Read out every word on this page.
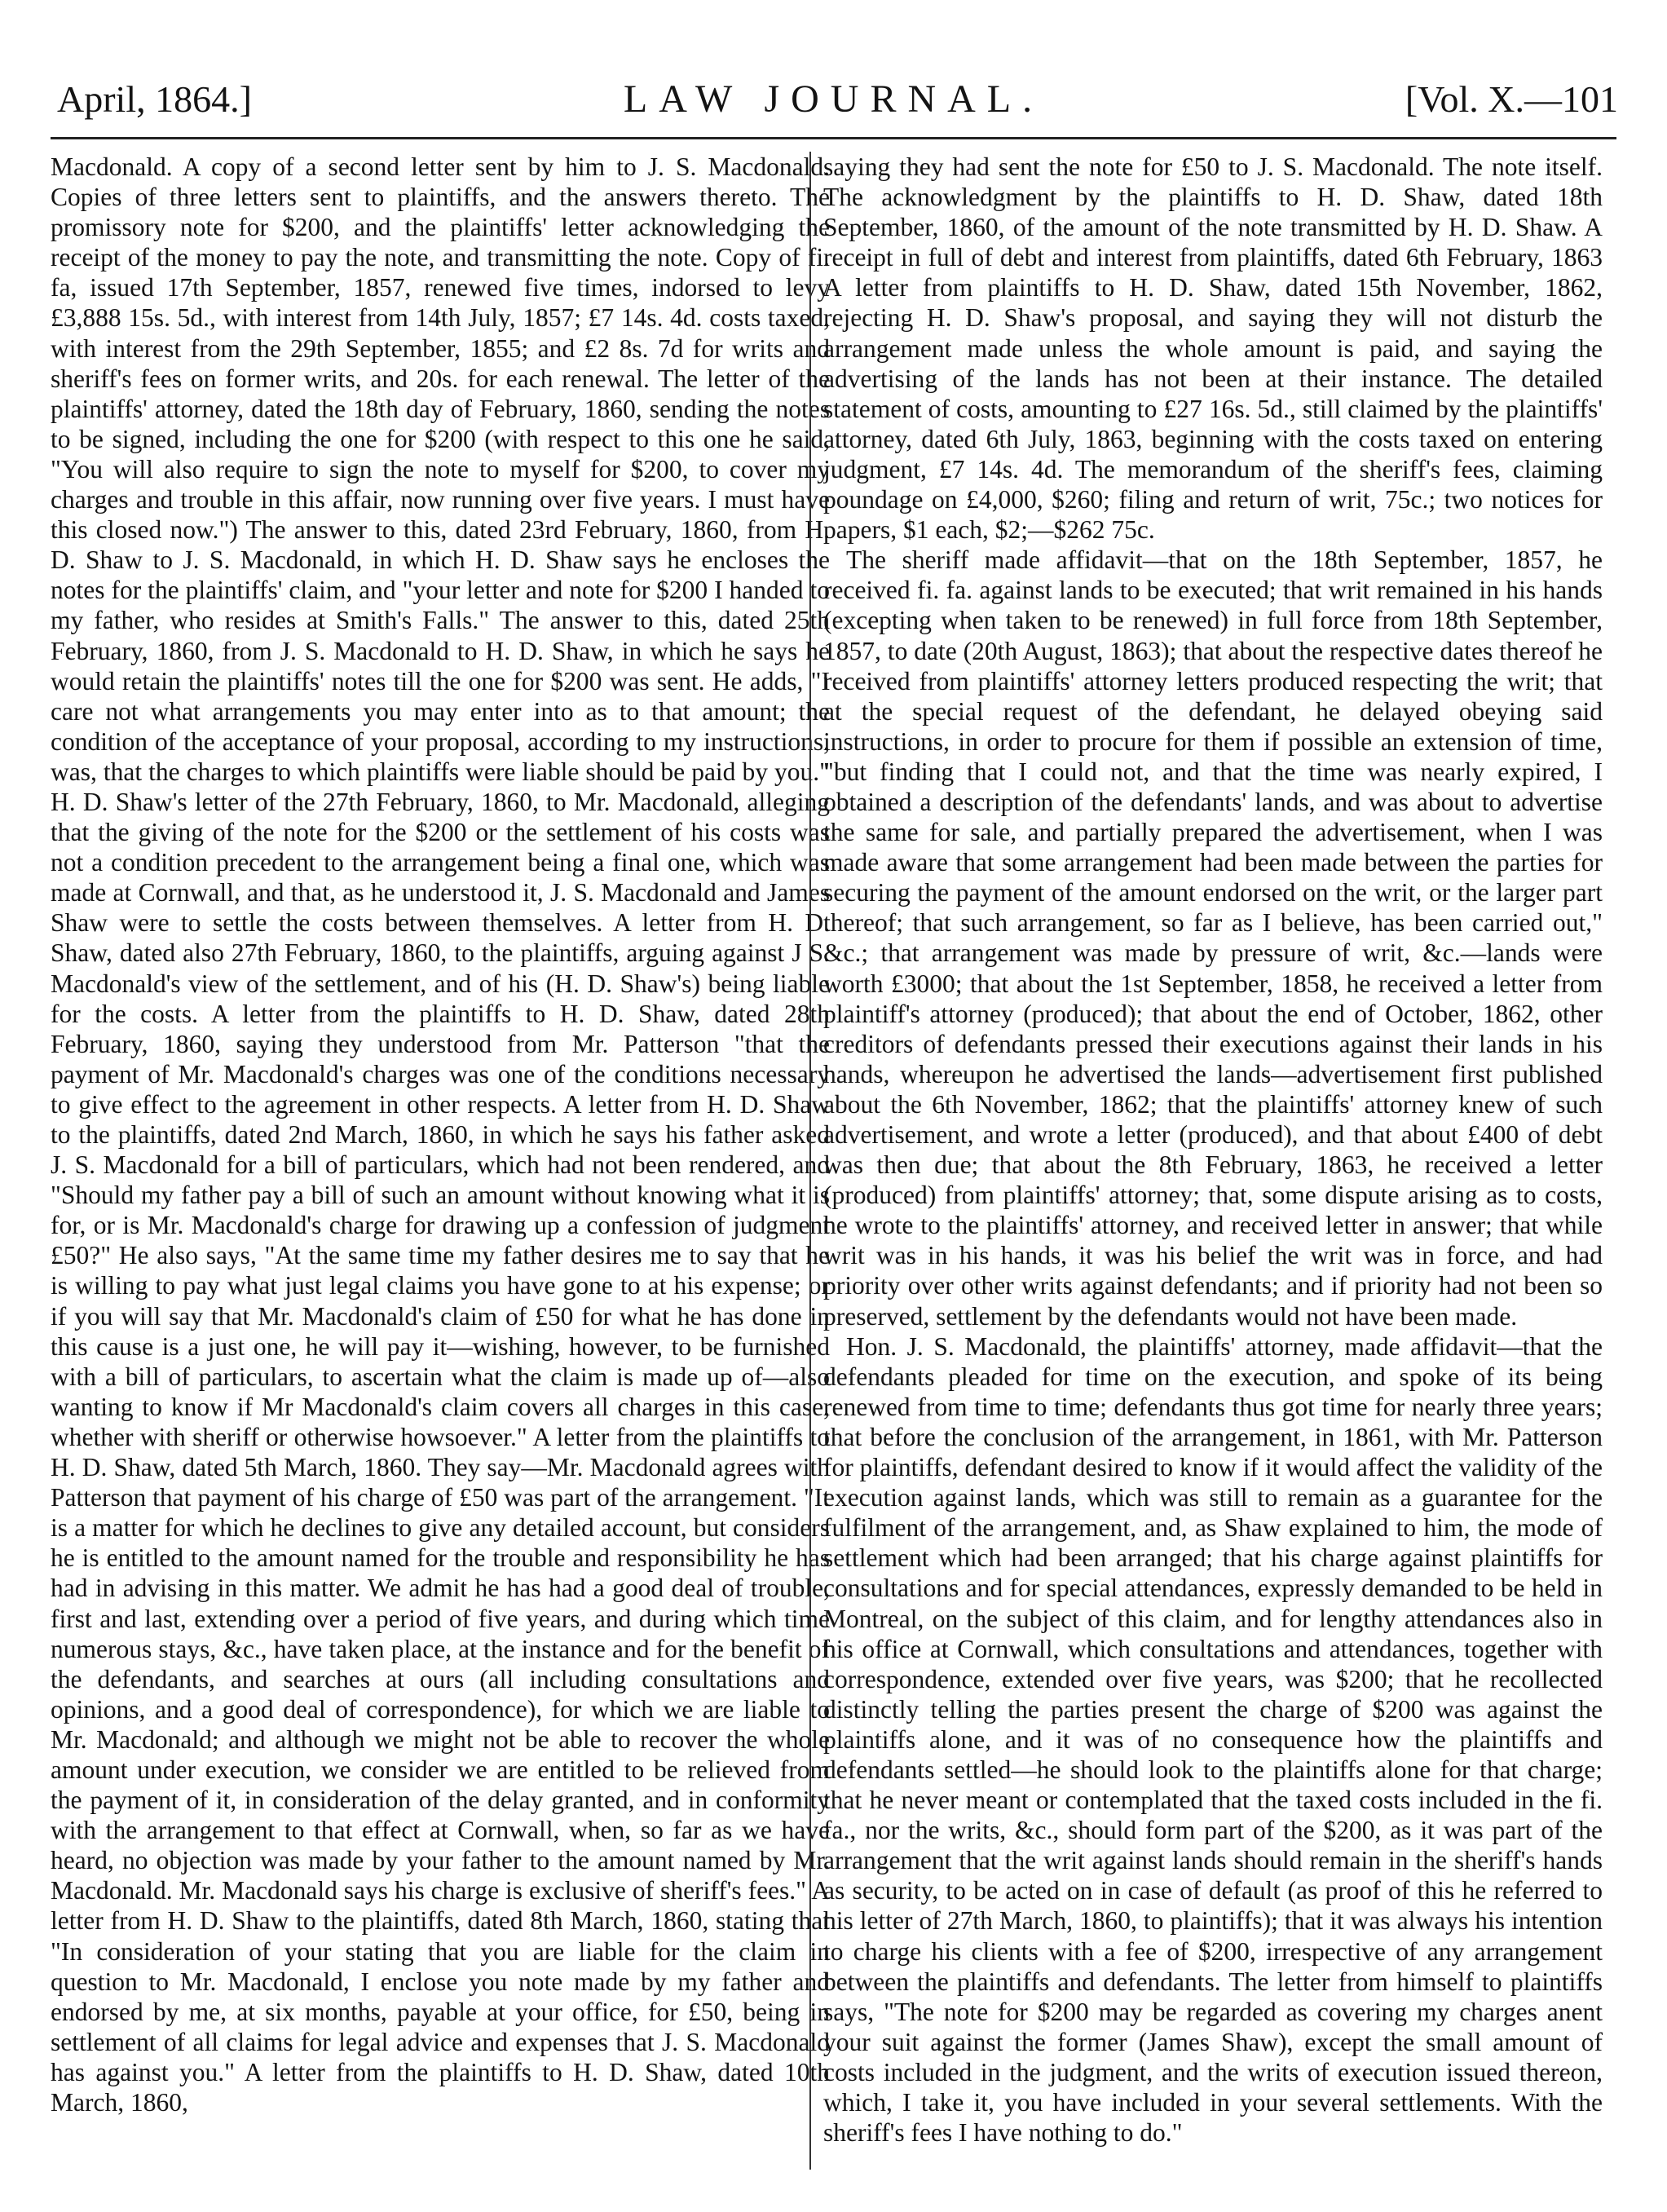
April, 1864.]	LAW JOURNAL.	[Vol. X.—101

Macdonald. A copy of a second letter sent by him to J. S. Macdonald. Copies of three letters sent to plaintiffs, and the answers thereto. The promissory note for $200, and the plaintiffs' letter acknowledging the receipt of the money to pay the note, and transmitting the note. Copy of fi. fa, issued 17th September, 1857, renewed five times, indorsed to levy £3,888 15s. 5d., with interest from 14th July, 1857; £7 14s. 4d. costs taxed, with interest from the 29th September, 1855; and £2 8s. 7d for writs and sheriff's fees on former writs, and 20s. for each renewal. The letter of the plaintiffs' attorney, dated the 18th day of February, 1860, sending the notes to be signed, including the one for $200 (with respect to this one he said, "You will also require to sign the note to myself for $200, to cover my charges and trouble in this affair, now running over five years. I must have this closed now.") The answer to this, dated 23rd February, 1860, from H. D. Shaw to J. S. Macdonald, in which H. D. Shaw says he encloses the notes for the plaintiffs' claim, and "your letter and note for $200 I handed to my father, who resides at Smith's Falls." The answer to this, dated 25th February, 1860, from J. S. Macdonald to H. D. Shaw, in which he says he would retain the plaintiffs' notes till the one for $200 was sent. He adds, "I care not what arrangements you may enter into as to that amount; the condition of the acceptance of your proposal, according to my instructions, was, that the charges to which plaintiffs were liable should be paid by you." H. D. Shaw's letter of the 27th February, 1860, to Mr. Macdonald, alleging that the giving of the note for the $200 or the settlement of his costs was not a condition precedent to the arrangement being a final one, which was made at Cornwall, and that, as he understood it, J. S. Macdonald and James Shaw were to settle the costs between themselves. A letter from H. D. Shaw, dated also 27th February, 1860, to the plaintiffs, arguing against J S. Macdonald's view of the settlement, and of his (H. D. Shaw's) being liable for the costs. A letter from the plaintiffs to H. D. Shaw, dated 28th February, 1860, saying they understood from Mr. Patterson "that the payment of Mr. Macdonald's charges was one of the conditions necessary to give effect to the agreement in other respects. A letter from H. D. Shaw to the plaintiffs, dated 2nd March, 1860, in which he says his father asked J. S. Macdonald for a bill of particulars, which had not been rendered, and "Should my father pay a bill of such an amount without knowing what it is for, or is Mr. Macdonald's charge for drawing up a confession of judgment £50?" He also says, "At the same time my father desires me to say that he is willing to pay what just legal claims you have gone to at his expense; or if you will say that Mr. Macdonald's claim of £50 for what he has done in this cause is a just one, he will pay it—wishing, however, to be furnished with a bill of particulars, to ascertain what the claim is made up of—also wanting to know if Mr Macdonald's claim covers all charges in this case, whether with sheriff or otherwise howsoever." A letter from the plaintiffs to H. D. Shaw, dated 5th March, 1860. They say—Mr. Macdonald agrees with Patterson that payment of his charge of £50 was part of the arrangement. "It is a matter for which he declines to give any detailed account, but considers he is entitled to the amount named for the trouble and responsibility he has had in advising in this matter. We admit he has had a good deal of trouble, first and last, extending over a period of five years, and during which time numerous stays, &c., have taken place, at the instance and for the benefit of the defendants, and searches at ours (all including consultations and opinions, and a good deal of correspondence), for which we are liable to Mr. Macdonald; and although we might not be able to recover the whole amount under execution, we consider we are entitled to be relieved from the payment of it, in consideration of the delay granted, and in conformity with the arrangement to that effect at Cornwall, when, so far as we have heard, no objection was made by your father to the amount named by Mr. Macdonald. Mr. Macdonald says his charge is exclusive of sheriff's fees." A letter from H. D. Shaw to the plaintiffs, dated 8th March, 1860, stating that "In consideration of your stating that you are liable for the claim in question to Mr. Macdonald, I enclose you note made by my father and endorsed by me, at six months, payable at your office, for £50, being in settlement of all claims for legal advice and expenses that J. S. Macdonald has against you." A letter from the plaintiffs to H. D. Shaw, dated 10th March, 1860,

saying they had sent the note for £50 to J. S. Macdonald. The note itself. The acknowledgment by the plaintiffs to H. D. Shaw, dated 18th September, 1860, of the amount of the note transmitted by H. D. Shaw. A receipt in full of debt and interest from plaintiffs, dated 6th February, 1863 A letter from plaintiffs to H. D. Shaw, dated 15th November, 1862, rejecting H. D. Shaw's proposal, and saying they will not disturb the arrangement made unless the whole amount is paid, and saying the advertising of the lands has not been at their instance. The detailed statement of costs, amounting to £27 16s. 5d., still claimed by the plaintiffs' attorney, dated 6th July, 1863, beginning with the costs taxed on entering judgment, £7 14s. 4d. The memorandum of the sheriff's fees, claiming poundage on £4,000, $260; filing and return of writ, 75c.; two notices for papers, $1 each, $2;—$262 75c.

The sheriff made affidavit—that on the 18th September, 1857, he received fi. fa. against lands to be executed; that writ remained in his hands (excepting when taken to be renewed) in full force from 18th September, 1857, to date (20th August, 1863); that about the respective dates thereof he received from plaintiffs' attorney letters produced respecting the writ; that at the special request of the defendant, he delayed obeying said instructions, in order to procure for them if possible an extension of time, "but finding that I could not, and that the time was nearly expired, I obtained a description of the defendants' lands, and was about to advertise the same for sale, and partially prepared the advertisement, when I was made aware that some arrangement had been made between the parties for securing the payment of the amount endorsed on the writ, or the larger part thereof; that such arrangement, so far as I believe, has been carried out," &c.; that arrangement was made by pressure of writ, &c.—lands were worth £3000; that about the 1st September, 1858, he received a letter from plaintiff's attorney (produced); that about the end of October, 1862, other creditors of defendants pressed their executions against their lands in his hands, whereupon he advertised the lands—advertisement first published about the 6th November, 1862; that the plaintiffs' attorney knew of such advertisement, and wrote a letter (produced), and that about £400 of debt was then due; that about the 8th February, 1863, he received a letter (produced) from plaintiffs' attorney; that, some dispute arising as to costs, he wrote to the plaintiffs' attorney, and received letter in answer; that while writ was in his hands, it was his belief the writ was in force, and had priority over other writs against defendants; and if priority had not been so preserved, settlement by the defendants would not have been made.

Hon. J. S. Macdonald, the plaintiffs' attorney, made affidavit—that the defendants pleaded for time on the execution, and spoke of its being renewed from time to time; defendants thus got time for nearly three years; that before the conclusion of the arrangement, in 1861, with Mr. Patterson for plaintiffs, defendant desired to know if it would affect the validity of the execution against lands, which was still to remain as a guarantee for the fulfilment of the arrangement, and, as Shaw explained to him, the mode of settlement which had been arranged; that his charge against plaintiffs for consultations and for special attendances, expressly demanded to be held in Montreal, on the subject of this claim, and for lengthy attendances also in his office at Cornwall, which consultations and attendances, together with correspondence, extended over five years, was $200; that he recollected distinctly telling the parties present the charge of $200 was against the plaintiffs alone, and it was of no consequence how the plaintiffs and defendants settled—he should look to the plaintiffs alone for that charge; that he never meant or contemplated that the taxed costs included in the fi. fa., nor the writs, &c., should form part of the $200, as it was part of the arrangement that the writ against lands should remain in the sheriff's hands as security, to be acted on in case of default (as proof of this he referred to his letter of 27th March, 1860, to plaintiffs); that it was always his intention to charge his clients with a fee of $200, irrespective of any arrangement between the plaintiffs and defendants. The letter from himself to plaintiffs says, "The note for $200 may be regarded as covering my charges anent your suit against the former (James Shaw), except the small amount of costs included in the judgment, and the writs of execution issued thereon, which, I take it, you have included in your several settlements. With the sheriff's fees I have nothing to do."
